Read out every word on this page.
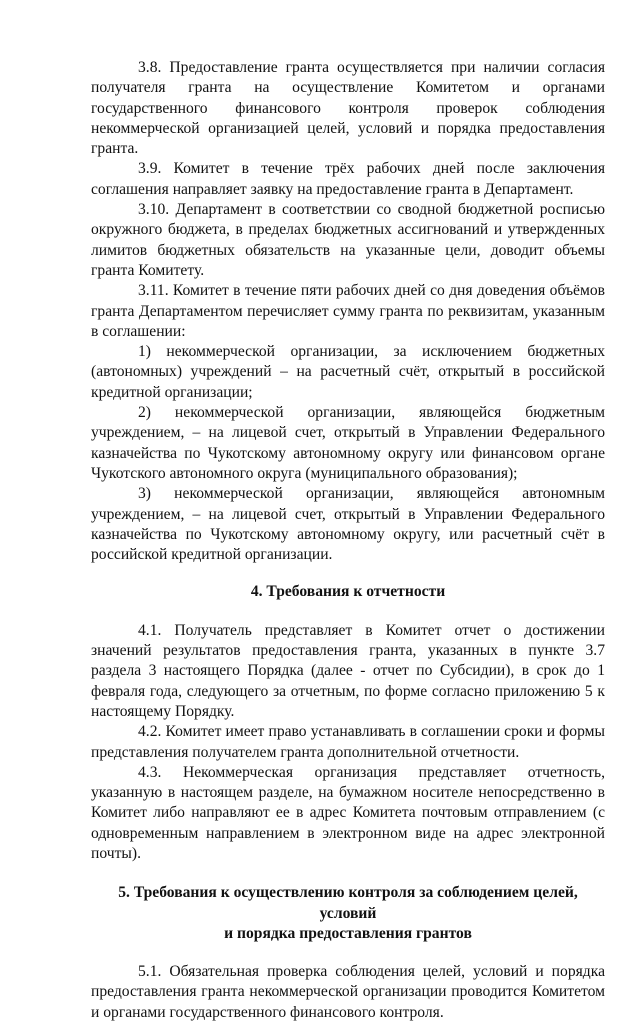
3.8. Предоставление гранта осуществляется при наличии согласия получателя гранта на осуществление Комитетом и органами государственного финансового контроля проверок соблюдения некоммерческой организацией целей, условий и порядка предоставления гранта.

3.9. Комитет в течение трёх рабочих дней после заключения соглашения направляет заявку на предоставление гранта в Департамент.

3.10. Департамент в соответствии со сводной бюджетной росписью окружного бюджета, в пределах бюджетных ассигнований и утвержденных лимитов бюджетных обязательств на указанные цели, доводит объемы гранта Комитету.

3.11. Комитет в течение пяти рабочих дней со дня доведения объёмов гранта Департаментом перечисляет сумму гранта по реквизитам, указанным в соглашении:

1) некоммерческой организации, за исключением бюджетных (автономных) учреждений – на расчетный счёт, открытый в российской кредитной организации;

2) некоммерческой организации, являющейся бюджетным учреждением, – на лицевой счет, открытый в Управлении Федерального казначейства по Чукотскому автономному округу или финансовом органе Чукотского автономного округа (муниципального образования);

3) некоммерческой организации, являющейся автономным учреждением, – на лицевой счет, открытый в Управлении Федерального казначейства по Чукотскому автономному округу, или расчетный счёт в российской кредитной организации.

4. Требования к отчетности

4.1. Получатель представляет в Комитет отчет о достижении значений результатов предоставления гранта, указанных в пункте 3.7 раздела 3 настоящего Порядка (далее - отчет по Субсидии), в срок до 1 февраля года, следующего за отчетным, по форме согласно приложению 5 к настоящему Порядку.

4.2. Комитет имеет право устанавливать в соглашении сроки и формы представления получателем гранта дополнительной отчетности.

4.3. Некоммерческая организация представляет отчетность, указанную в настоящем разделе, на бумажном носителе непосредственно в Комитет либо направляют ее в адрес Комитета почтовым отправлением (с одновременным направлением в электронном виде на адрес электронной почты).

5. Требования к осуществлению контроля за соблюдением целей, условий
и порядка предоставления грантов

5.1. Обязательная проверка соблюдения целей, условий и порядка предоставления гранта некоммерческой организации проводится Комитетом и органами государственного финансового контроля.
